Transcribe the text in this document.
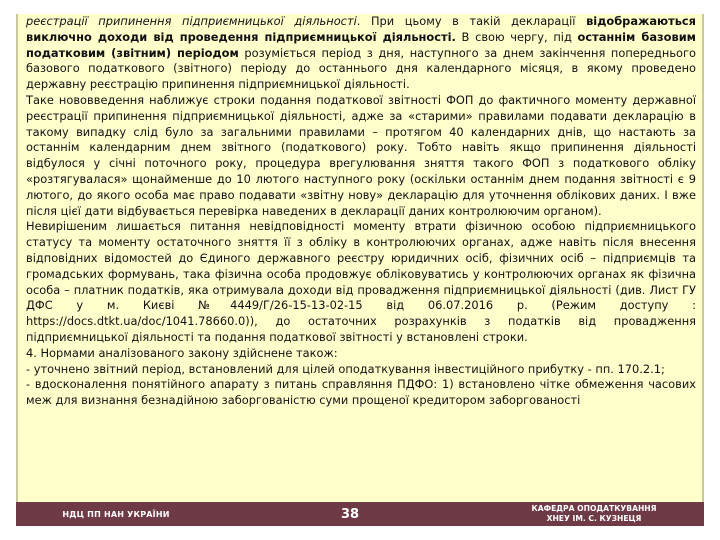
реєстрації припинення підприємницької діяльності. При цьому в такій декларації відображаються виключно доходи від проведення підприємницької діяльності. В свою чергу, під останнім базовим податковим (звітним) періодом розуміється період з дня, наступного за днем закінчення попереднього базового податкового (звітного) періоду до останнього дня календарного місяця, в якому проведено державну реєстрацію припинення підприємницької діяльності.

Таке нововведення наближує строки подання податкової звітності ФОП до фактичного моменту державної реєстрації припинення підприємницької діяльності, адже за «старими» правилами подавати декларацію в такому випадку слід було за загальними правилами – протягом 40 календарних днів, що настають за останнім календарним днем звітного (податкового) року. Тобто навіть якщо припинення діяльності відбулося у січні поточного року, процедура врегулювання зняття такого ФОП з податкового обліку «розтягувалася» щонайменше до 10 лютого наступного року (оскільки останнім днем подання звітності є 9 лютого, до якого особа має право подавати «звітну нову» декларацію для уточнення облікових даних. І вже після цієї дати відбувається перевірка наведених в декларації даних контролюючим органом).

Невирішеним лишається питання невідповідності моменту втрати фізичною особою підприємницького статусу та моменту остаточного зняття її з обліку в контролюючих органах, адже навіть після внесення відповідних відомостей до Єдиного державного реєстру юридичних осіб, фізичних осіб – підприємців та громадських формувань, така фізична особа продовжує обліковуватись у контролюючих органах як фізична особа – платник податків, яка отримувала доходи від провадження підприємницької діяльності (див. Лист ГУ ДФС у м. Києві №4449/Г/26-15-13-02-15 від 06.07.2016 р. (Режим доступу : https://docs.dtkt.ua/doc/1041.78660.0)), до остаточних розрахунків з податків від провадження підприємницької діяльності та подання податкової звітності у встановлені строки.

4. Нормами аналізованого закону здійснене також:

- уточнено звітний період, встановлений для цілей оподаткування інвестиційного прибутку - пп. 170.2.1;

- вдосконалення понятійного апарату з питань справляння ПДФО: 1) встановлено чітке обмеження часових меж для визнання безнадійною заборгованістю суми прощеної кредитором заборгованості

НДЦ ПП НАН УКРАЇНИ	38	КАФЕДРА ОПОДАТКУВАННЯ
ХНЕУ ІМ. С. КУЗНЕЦЯ
